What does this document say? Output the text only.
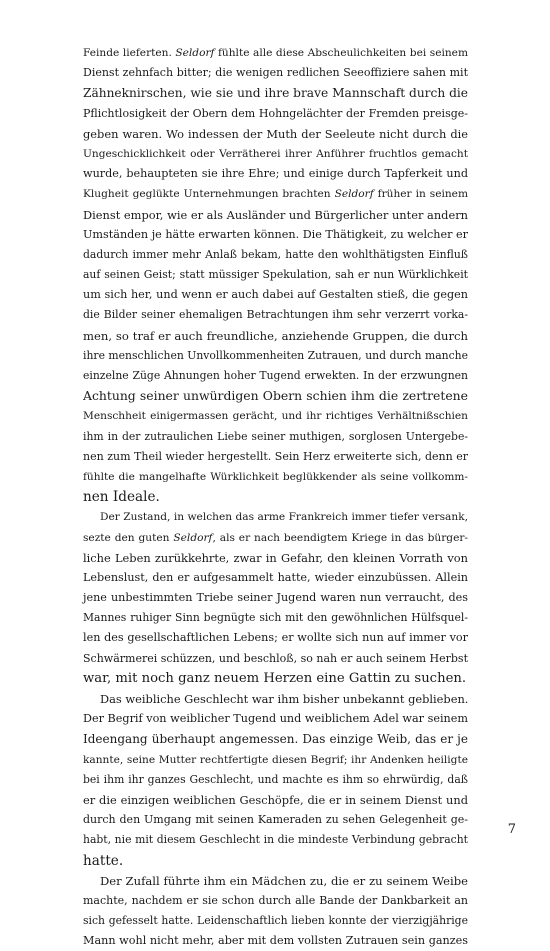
Feinde lieferten. Seldorf fühlte alle diese Abscheulichkeiten bei seinem
Dienst zehnfach bitter; die wenigen redlichen Seeoffiziere sahen mit
Zähneknirschen, wie sie und ihre brave Mannschaft durch die
Pflichtlosigkeit der Obern dem Hohngelächter der Fremden preisge-
geben waren. Wo indessen der Muth der Seeleute nicht durch die
Ungeschicklichkeit oder Verrätherei ihrer Anführer fruchtlos gemacht
wurde, behaupteten sie ihre Ehre; und einige durch Tapferkeit und
Klugheit geglükte Unternehmungen brachten Seldorf früher in seinem
Dienst empor, wie er als Ausländer und Bürgerlicher unter andern
Umständen je hätte erwarten können. Die Thätigkeit, zu welcher er
dadurch immer mehr Anlaß bekam, hatte den wohlthätigsten Einfluß
auf seinen Geist; statt müssiger Spekulation, sah er nun Würklichkeit
um sich her, und wenn er auch dabei auf Gestalten stieß, die gegen
die Bilder seiner ehemaligen Betrachtungen ihm sehr verzerrt vorka-
men, so traf er auch freundliche, anziehende Gruppen, die durch
ihre menschlichen Unvollkommenheiten Zutrauen, und durch manche
einzelne Züge Ahnungen hoher Tugend erwekten. In der erzwungnen
Achtung seiner unwürdigen Obern schien ihm die zertretene
Menschheit einigermassen gerächt, und ihr richtiges Verhältnißschien
ihm in der zutraulichen Liebe seiner muthigen, sorglosen Untergebe-
nen zum Theil wieder hergestellt. Sein Herz erweiterte sich, denn er
fühlte die mangelhafte Würklichkeit beglükkender als seine vollkomm-
nen Ideale.
Der Zustand, in welchen das arme Frankreich immer tiefer versank,
sezte den guten Seldorf, als er nach beendigtem Kriege in das bürger-
liche Leben zurükkehrte, zwar in Gefahr, den kleinen Vorrath von
Lebenslust, den er aufgesammelt hatte, wieder einzubüssen. Allein
jene unbestimmten Triebe seiner Jugend waren nun verraucht, des
Mannes ruhiger Sinn begnügte sich mit den gewöhnlichen Hülfsquel-
len des gesellschaftlichen Lebens; er wollte sich nun auf immer vor
Schwärmerei schüzzen, und beschloß, so nah er auch seinem Herbst
war, mit noch ganz neuem Herzen eine Gattin zu suchen.
Das weibliche Geschlecht war ihm bisher unbekannt geblieben.
Der Begrif von weiblicher Tugend und weiblichem Adel war seinem
Ideengang überhaupt angemessen. Das einzige Weib, das er je
kannte, seine Mutter rechtfertigte diesen Begrif; ihr Andenken heiligte
bei ihm ihr ganzes Geschlecht, und machte es ihm so ehrwürdig, daß
er die einzigen weiblichen Geschöpfe, die er in seinem Dienst und
durch den Umgang mit seinen Kameraden zu sehen Gelegenheit ge-
habt, nie mit diesem Geschlecht in die mindeste Verbindung gebracht
hatte.
Der Zufall führte ihm ein Mädchen zu, die er zu seinem Weibe
machte, nachdem er sie schon durch alle Bande der Dankbarkeit an
sich gefesselt hatte. Leidenschaftlich lieben konnte der vierzigjährige
Mann wohl nicht mehr, aber mit dem vollsten Zutrauen sein ganzes
7
